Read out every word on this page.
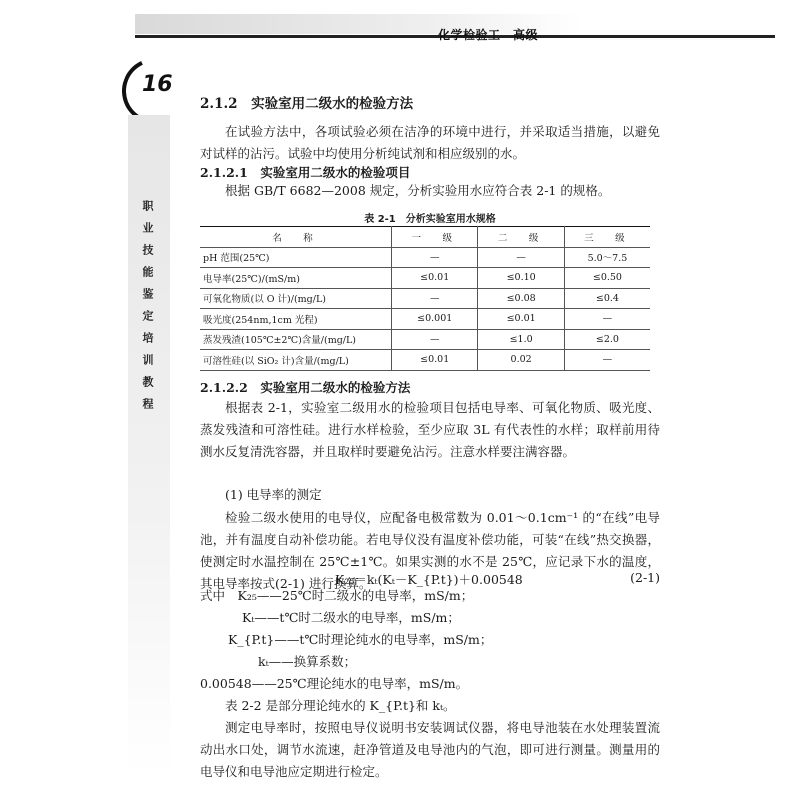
化学检验工　高级
16
职业技能鉴定培训教程
2.1.2　实验室用二级水的检验方法
在试验方法中，各项试验必须在洁净的环境中进行，并采取适当措施，以避免对试样的沾污。试验中均使用分析纯试剂和相应级别的水。
2.1.2.1　实验室用二级水的检验项目
根据 GB/T 6682—2008 规定，分析实验用水应符合表 2-1 的规格。
表 2-1　分析实验室用水规格
名　称	一　级	二　级	三　级
pH 范围(25℃)	—	—	5.0～7.5
电导率(25℃)/(mS/m)	≤0.01	≤0.10	≤0.50
可氧化物质(以 O 计)/(mg/L)	—	≤0.08	≤0.4
吸光度(254nm,1cm 光程)	≤0.001	≤0.01	—
蒸发残渣(105℃±2℃)含量/(mg/L)	—	≤1.0	≤2.0
可溶性硅(以 SiO₂ 计)含量/(mg/L)	≤0.01	0.02	—
2.1.2.2　实验室用二级水的检验方法
根据表 2-1，实验室二级用水的检验项目包括电导率、可氧化物质、吸光度、蒸发残渣和可溶性硅。进行水样检验，至少应取 3L 有代表性的水样；取样前用待测水反复清洗容器，并且取样时要避免沾污。注意水样要注满容器。
(1) 电导率的测定
检验二级水使用的电导仪，应配备电极常数为 0.01～0.1cm⁻¹ 的“在线”电导池，并有温度自动补偿功能。若电导仪没有温度补偿功能，可装“在线”热交换器，使测定时水温控制在 25℃±1℃。如果实测的水不是 25℃，应记录下水的温度，其电导率按式(2-1) 进行换算。
K₂₅＝kₜ(Kₜ－K_{P.t})＋0.00548	(2-1)
式中　K₂₅——25℃时二级水的电导率，mS/m；
Kₜ——t℃时二级水的电导率，mS/m；
K_{P.t}——t℃时理论纯水的电导率，mS/m；
kₜ——换算系数；
0.00548——25℃理论纯水的电导率，mS/m。
表 2-2 是部分理论纯水的 K_{P.t}和 kₜ。
测定电导率时，按照电导仪说明书安装调试仪器，将电导池装在水处理装置流动出水口处，调节水流速，赶净管道及电导池内的气泡，即可进行测量。测量用的电导仪和电导池应定期进行检定。
